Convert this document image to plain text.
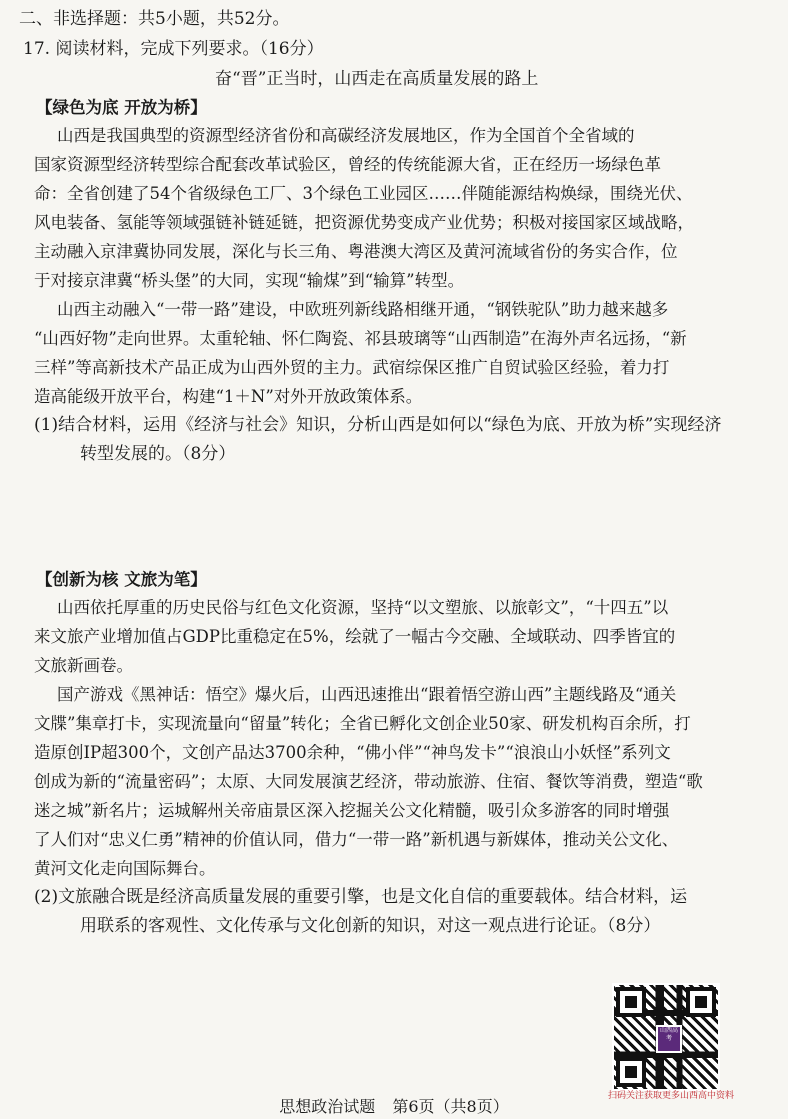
二、非选择题：共5小题，共52分。
17. 阅读材料，完成下列要求。（16分）
奋“晋”正当时，山西走在高质量发展的路上
【绿色为底 开放为桥】
山西是我国典型的资源型经济省份和高碳经济发展地区，作为全国首个全省域的
国家资源型经济转型综合配套改革试验区，曾经的传统能源大省，正在经历一场绿色革
命：全省创建了54个省级绿色工厂、3个绿色工业园区……伴随能源结构焕绿，围绕光伏、
风电装备、氢能等领域强链补链延链，把资源优势变成产业优势；积极对接国家区域战略，
主动融入京津冀协同发展，深化与长三角、粤港澳大湾区及黄河流域省份的务实合作，位
于对接京津冀“桥头堡”的大同，实现“输煤”到“输算”转型。
山西主动融入“一带一路”建设，中欧班列新线路相继开通，“钢铁驼队”助力越来越多
“山西好物”走向世界。太重轮轴、怀仁陶瓷、祁县玻璃等“山西制造”在海外声名远扬，“新
三样”等高新技术产品正成为山西外贸的主力。武宿综保区推广自贸试验区经验，着力打
造高能级开放平台，构建“1＋N”对外开放政策体系。
(1)结合材料，运用《经济与社会》知识，分析山西是如何以“绿色为底、开放为桥”实现经济
转型发展的。（8分）
【创新为核 文旅为笔】
山西依托厚重的历史民俗与红色文化资源，坚持“以文塑旅、以旅彰文”，“十四五”以
来文旅产业增加值占GDP比重稳定在5%，绘就了一幅古今交融、全域联动、四季皆宜的
文旅新画卷。
国产游戏《黑神话：悟空》爆火后，山西迅速推出“跟着悟空游山西”主题线路及“通关
文牒”集章打卡，实现流量向“留量”转化；全省已孵化文创企业50家、研发机构百余所，打
造原创IP超300个，文创产品达3700余种，“佛小伴”“神鸟发卡”“浪浪山小妖怪”系列文
创成为新的“流量密码”；太原、大同发展演艺经济，带动旅游、住宿、餐饮等消费，塑造“歌
迷之城”新名片；运城解州关帝庙景区深入挖掘关公文化精髓，吸引众多游客的同时增强
了人们对“忠义仁勇”精神的价值认同，借力“一带一路”新机遇与新媒体，推动关公文化、
黄河文化走向国际舞台。
(2)文旅融合既是经济高质量发展的重要引擎，也是文化自信的重要载体。结合材料，运
用联系的客观性、文化传承与文化创新的知识，对这一观点进行论证。（8分）
山西高考
扫码关注获取更多山西高中资料
思想政治试题 第6页（共8页）
